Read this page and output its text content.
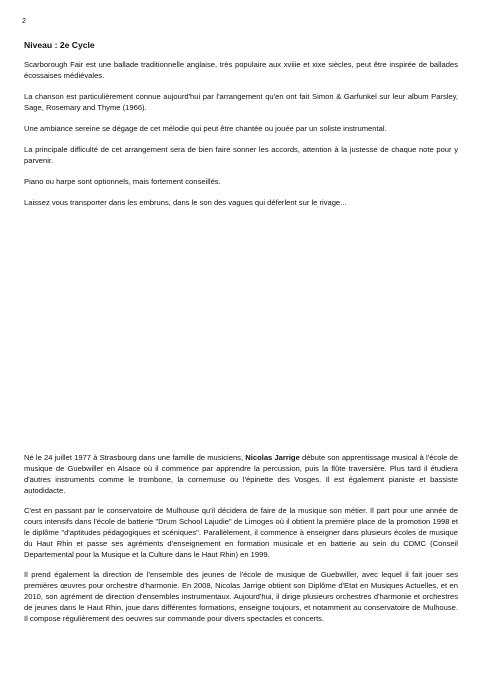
2
Niveau : 2e Cycle

Scarborough Fair est une ballade traditionnelle anglaise, très populaire aux xviiie et xixe siècles, peut être inspirée de ballades écossaises médiévales.

La chanson est particulièrement connue aujourd'hui par l'arrangement qu'en ont fait Simon & Garfunkel sur leur album Parsley, Sage, Rosemary and Thyme (1966).

Une ambiance sereine se dégage de cet mélodie qui peut être chantée ou jouée par un soliste instrumental.

La principale difficulté de cet arrangement sera de bien faire sonner les accords, attention à la justesse de chaque note pour y parvenir.

Piano ou harpe sont optionnels, mais fortement conseillés.

Laissez vous transporter dans les embruns, dans le son des vagues qui déferlent sur le rivage...

Né le 24 juillet 1977 à Strasbourg dans une famille de musiciens, Nicolas Jarrige débute son apprentissage musical à l'école de musique de Guebwiller en Alsace où il commence par apprendre la percussion, puis la flûte traversière. Plus tard il étudiera d'autres instruments comme le trombone, la cornemuse ou l'épinette des Vosges. Il est également pianiste et bassiste autodidacte.

C'est en passant par le conservatoire de Mulhouse qu'il décidera de faire de la musique son métier. Il part pour une année de cours intensifs dans l'école de batterie "Drum School Lajudie" de Limoges où il obtient la première place de la promotion 1998 et le diplôme "d'aptitudes pédagogiques et scéniques". Parallèlement, il commence à enseigner dans plusieurs écoles de musique du Haut Rhin et passe ses agréments d'enseignement en formation musicale et en batterie au sein du CDMC (Conseil Departemental pour la Musique et la Culture dans le Haut Rhin) en 1999.

Il prend également la direction de l'ensemble des jeunes de l'école de musique de Guebwiller, avec lequel il fait jouer ses premières œuvres pour orchestre d'harmonie. En 2008, Nicolas Jarrige obtient son Diplôme d'Etat en Musiques Actuelles, et en 2010, son agrément de direction d'ensembles instrumentaux. Aujourd'hui, il dirige plusieurs orchestres d'harmonie et orchestres de jeunes dans le Haut Rhin, joue dans différentes formations, enseigne toujours, et notamment au conservatoire de Mulhouse. Il compose régulièrement des oeuvres sur commande pour divers spectacles et concerts.
